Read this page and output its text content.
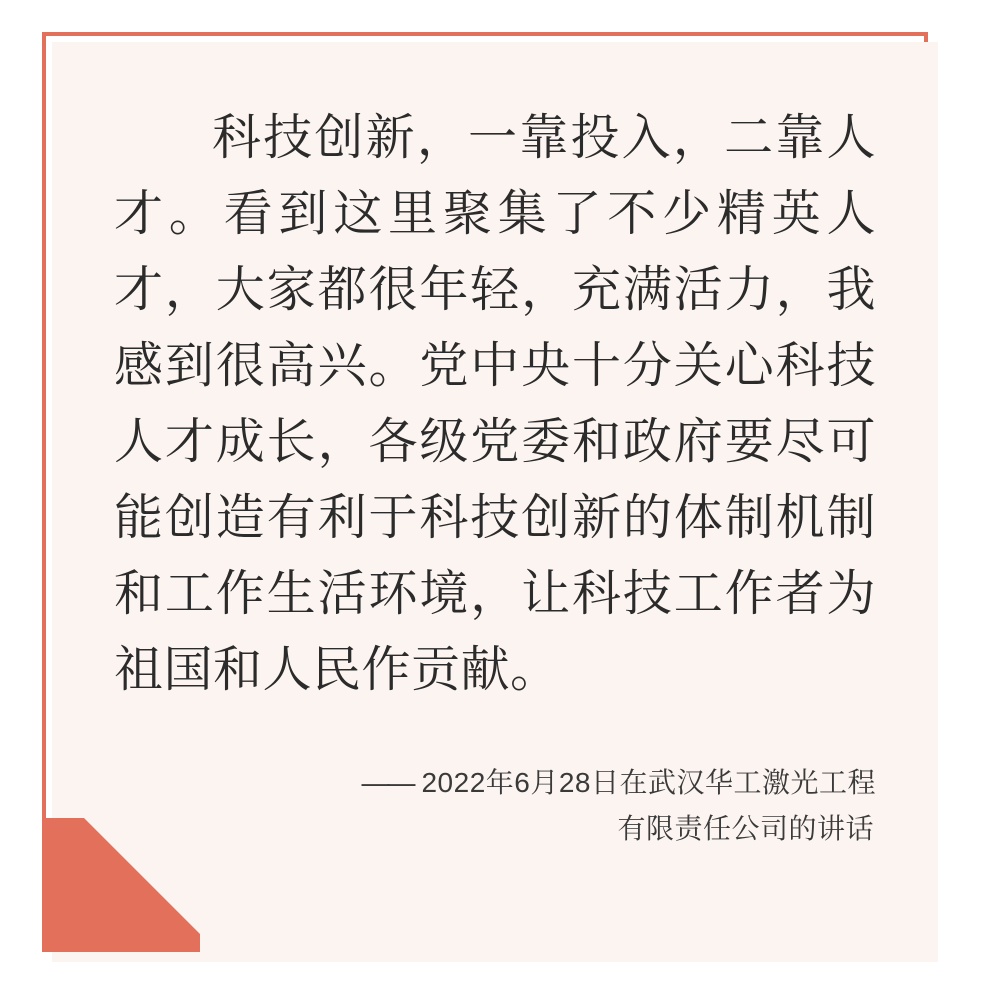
科技创新，一靠投入，二靠人才。看到这里聚集了不少精英人才，大家都很年轻，充满活力，我感到很高兴。党中央十分关心科技人才成长，各级党委和政府要尽可能创造有利于科技创新的体制机制和工作生活环境，让科技工作者为祖国和人民作贡献。

—— 2022年6月28日在武汉华工激光工程
有限责任公司的讲话
